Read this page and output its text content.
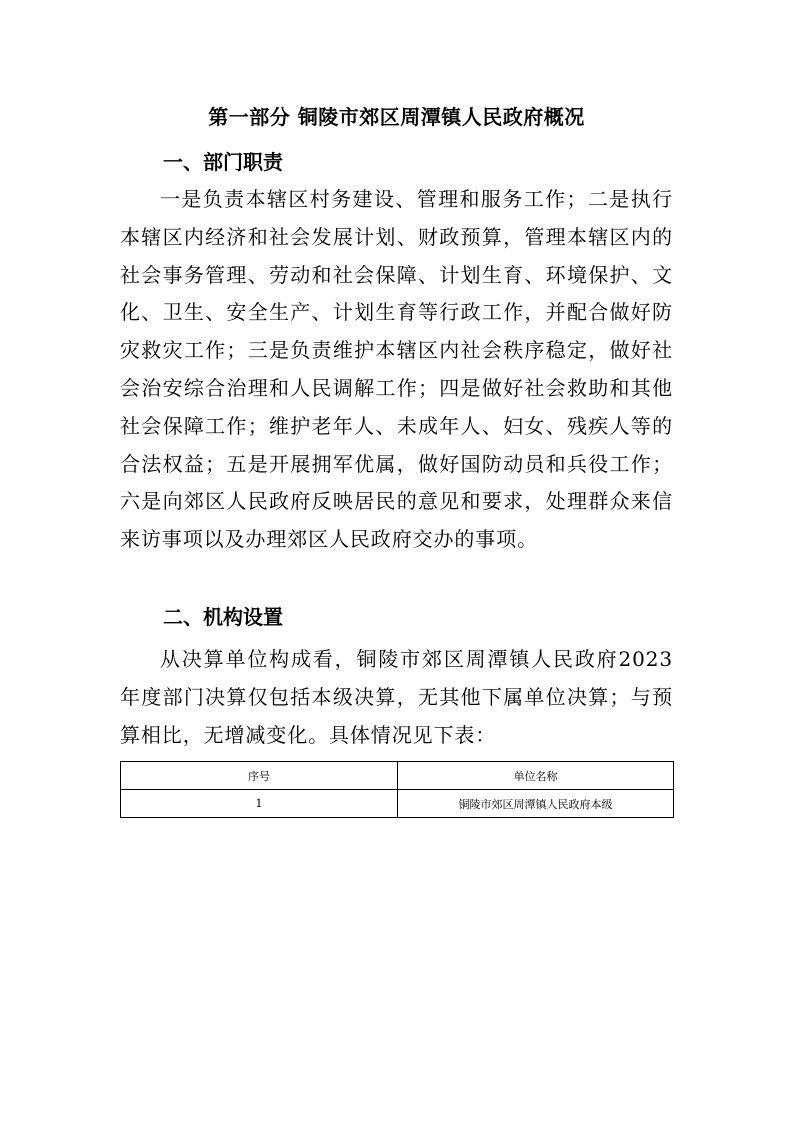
第一部分 铜陵市郊区周潭镇人民政府概况
一、部门职责
一是负责本辖区村务建设、管理和服务工作；二是执行本辖区内经济和社会发展计划、财政预算，管理本辖区内的社会事务管理、劳动和社会保障、计划生育、环境保护、文化、卫生、安全生产、计划生育等行政工作，并配合做好防灾救灾工作；三是负责维护本辖区内社会秩序稳定，做好社会治安综合治理和人民调解工作；四是做好社会救助和其他社会保障工作；维护老年人、未成年人、妇女、残疾人等的合法权益；五是开展拥军优属，做好国防动员和兵役工作；六是向郊区人民政府反映居民的意见和要求，处理群众来信来访事项以及办理郊区人民政府交办的事项。
二、机构设置
从决算单位构成看，铜陵市郊区周潭镇人民政府2023年度部门决算仅包括本级决算，无其他下属单位决算；与预算相比，无增减变化。具体情况见下表：
序号	单位名称
1	铜陵市郊区周潭镇人民政府本级
